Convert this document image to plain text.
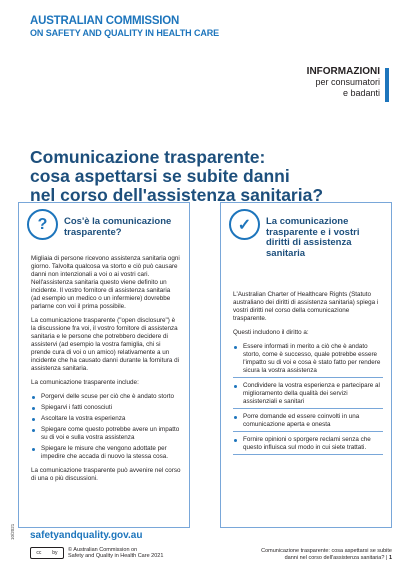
AUSTRALIAN COMMISSION
ON SAFETY AND QUALITY IN HEALTH CARE
INFORMAZIONI
per consumatori
e badanti
Comunicazione trasparente:
cosa aspettarsi se subite danni
nel corso dell'assistenza sanitaria?
?	Cos'è la comunicazione trasparente?

Migliaia di persone ricevono assistenza sanitaria ogni giorno. Talvolta qualcosa va storto e ciò può causare danni non intenzionali a voi o ai vostri cari. Nell'assistenza sanitaria questo viene definito un incidente. Il vostro fornitore di assistenza sanitaria (ad esempio un medico o un infermiere) dovrebbe parlarne con voi il prima possibile.

La comunicazione trasparente ("open disclosure") è la discussione fra voi, il vostro fornitore di assistenza sanitaria e le persone che potrebbero decidere di assistervi (ad esempio la vostra famiglia, chi si prende cura di voi o un amico) relativamente a un incidente che ha causato danni durante la fornitura di assistenza sanitaria.

La comunicazione trasparente include:

Porgervi delle scuse per ciò che è andato storto
Spiegarvi i fatti conosciuti
Ascoltare la vostra esperienza
Spiegare come questo potrebbe avere un impatto su di voi e sulla vostra assistenza
Spiegare le misure che vengono adottate per impedire che accada di nuovo la stessa cosa.

La comunicazione trasparente può avvenire nel corso di una o più discussioni.

✓	La comunicazione trasparente e i vostri diritti di assistenza sanitaria

L'Australian Charter of Healthcare Rights (Statuto australiano dei diritti di assistenza sanitaria) spiega i vostri diritti nel corso della comunicazione trasparente.

Questi includono il diritto a:

Essere informati in merito a ciò che è andato storto, come è successo, quale potrebbe essere l'impatto su di voi e cosa è stato fatto per rendere sicura la vostra assistenza
Condividere la vostra esperienza e partecipare al miglioramento della qualità dei servizi assistenziali e sanitari
Porre domande ed essere coinvolti in una comunicazione aperta e onesta
Fornire opinioni o sporgere reclami senza che questo influisca sul modo in cui siete trattati.
10/2021 safetyandquality.gov.au
cc by
© Australian Commission on
Safety and Quality in Health Care 2021
Comunicazione trasparente: cosa aspettarsi se subite
danni nel corso dell'assistenza sanitaria? | 1
